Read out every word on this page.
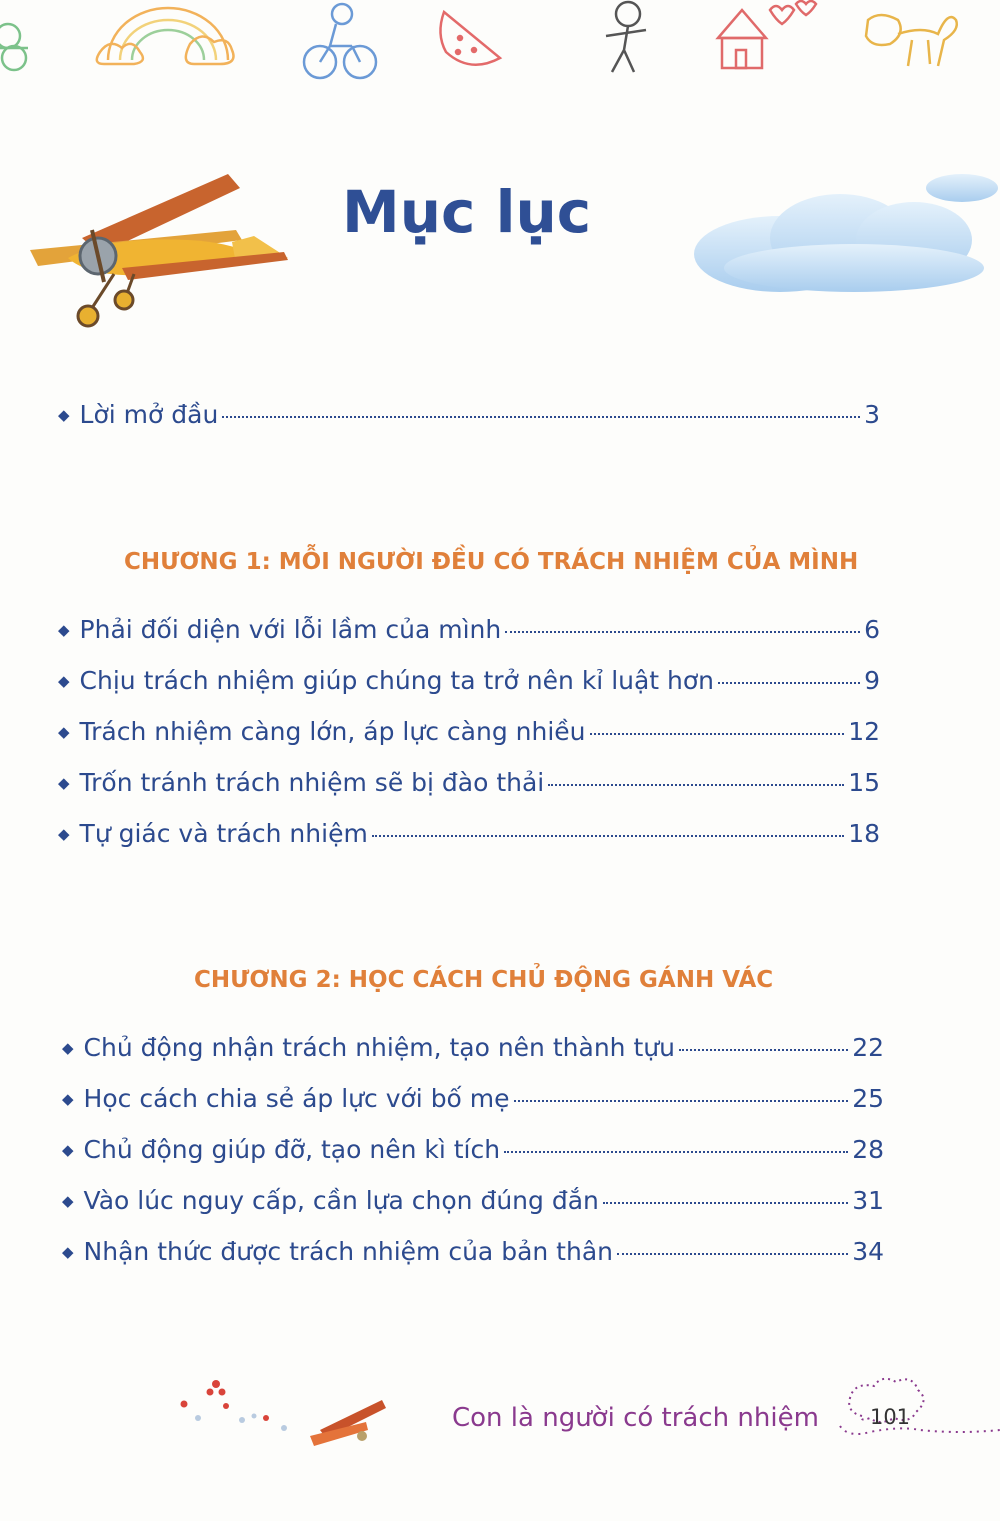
Mục lục
◆ Lời mở đầu	3
CHƯƠNG 1: MỖI NGƯỜI ĐỀU CÓ TRÁCH NHIỆM CỦA MÌNH
◆ Phải đối diện với lỗi lầm của mình	6
◆ Chịu trách nhiệm giúp chúng ta trở nên kỉ luật hơn	9
◆ Trách nhiệm càng lớn, áp lực càng nhiều	12
◆ Trốn tránh trách nhiệm sẽ bị đào thải	15
◆ Tự giác và trách nhiệm	18
CHƯƠNG 2: HỌC CÁCH CHỦ ĐỘNG GÁNH VÁC
◆ Chủ động nhận trách nhiệm, tạo nên thành tựu	22
◆ Học cách chia sẻ áp lực với bố mẹ	25
◆ Chủ động giúp đỡ, tạo nên kì tích	28
◆ Vào lúc nguy cấp, cần lựa chọn đúng đắn	31
◆ Nhận thức được trách nhiệm của bản thân	34
Con là người có trách nhiệm	101
